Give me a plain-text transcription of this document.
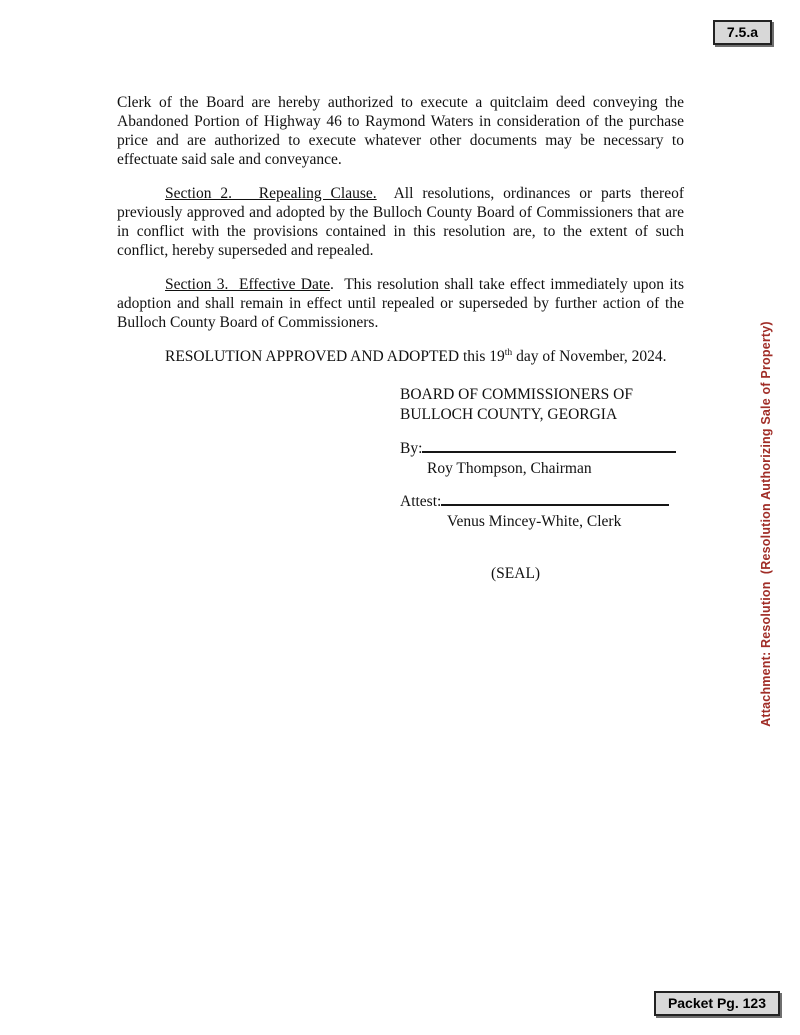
7.5.a

Clerk of the Board are hereby authorized to execute a quitclaim deed conveying the Abandoned Portion of Highway 46 to Raymond Waters in consideration of the purchase price and are authorized to execute whatever other documents may be necessary to effectuate said sale and conveyance.

Section 2.   Repealing Clause.  All resolutions, ordinances or parts thereof previously approved and adopted by the Bulloch County Board of Commissioners that are in conflict with the provisions contained in this resolution are, to the extent of such conflict, hereby superseded and repealed.

Section 3.  Effective Date.  This resolution shall take effect immediately upon its adoption and shall remain in effect until repealed or superseded by further action of the Bulloch County Board of Commissioners.

RESOLUTION APPROVED AND ADOPTED this 19th day of November, 2024.

BOARD OF COMMISSIONERS OF
BULLOCH COUNTY, GEORGIA
By:
Roy Thompson, Chairman
Attest:
Venus Mincey-White, Clerk
(SEAL)	Attachment: Resolution  (Resolution Authorizing Sale of Property)
Packet Pg. 123
